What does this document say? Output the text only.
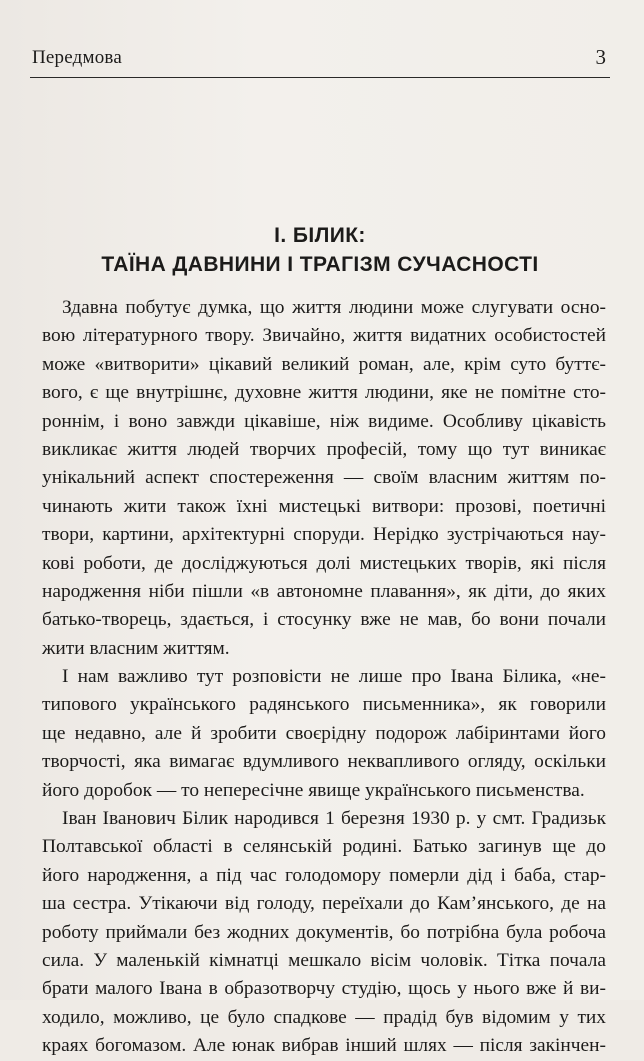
Передмова	3
І. БІЛИК:
ТАЇНА ДАВНИНИ І ТРАГІЗМ СУЧАСНОСТІ
Здавна побутує думка, що життя людини може слугувати осно-
вою літературного твору. Звичайно, життя видатних особистостей
може «витворити» цікавий великий роман, але, крім суто буттє-
вого, є ще внутрішнє, духовне життя людини, яке не помітне сто-
роннім, і воно завжди цікавіше, ніж видиме. Особливу цікавість
викликає життя людей творчих професій, тому що тут виникає
унікальний аспект спостереження — своїм власним життям по-
чинають жити також їхні мистецькі витвори: прозові, поетичні
твори, картини, архітектурні споруди. Нерідко зустрічаються нау-
кові роботи, де досліджуються долі мистецьких творів, які після
народження ніби пішли «в автономне плавання», як діти, до яких
батько-творець, здається, і стосунку вже не мав, бо вони почали
жити власним життям.
І нам важливо тут розповісти не лише про Івана Білика, «не-
типового українського радянського письменника», як говорили
ще недавно, але й зробити своєрідну подорож лабіринтами його
творчості, яка вимагає вдумливого неквапливого огляду, оскільки
його доробок — то непересічне явище українського письменства.
Іван Іванович Білик народився 1 березня 1930 р. у смт. Градизьк
Полтавської області в селянській родині. Батько загинув ще до
його народження, а під час голодомору померли дід і баба, стар-
ша сестра. Утікаючи від голоду, переїхали до Кам’янського, де на
роботу приймали без жодних документів, бо потрібна була робоча
сила. У маленькій кімнатці мешкало вісім чоловік. Тітка почала
брати малого Івана в образотворчу студію, щось у нього вже й ви-
ходило, можливо, це було спадкове — прадід був відомим у тих
краях богомазом. Але юнак вибрав інший шлях — після закінчен-
